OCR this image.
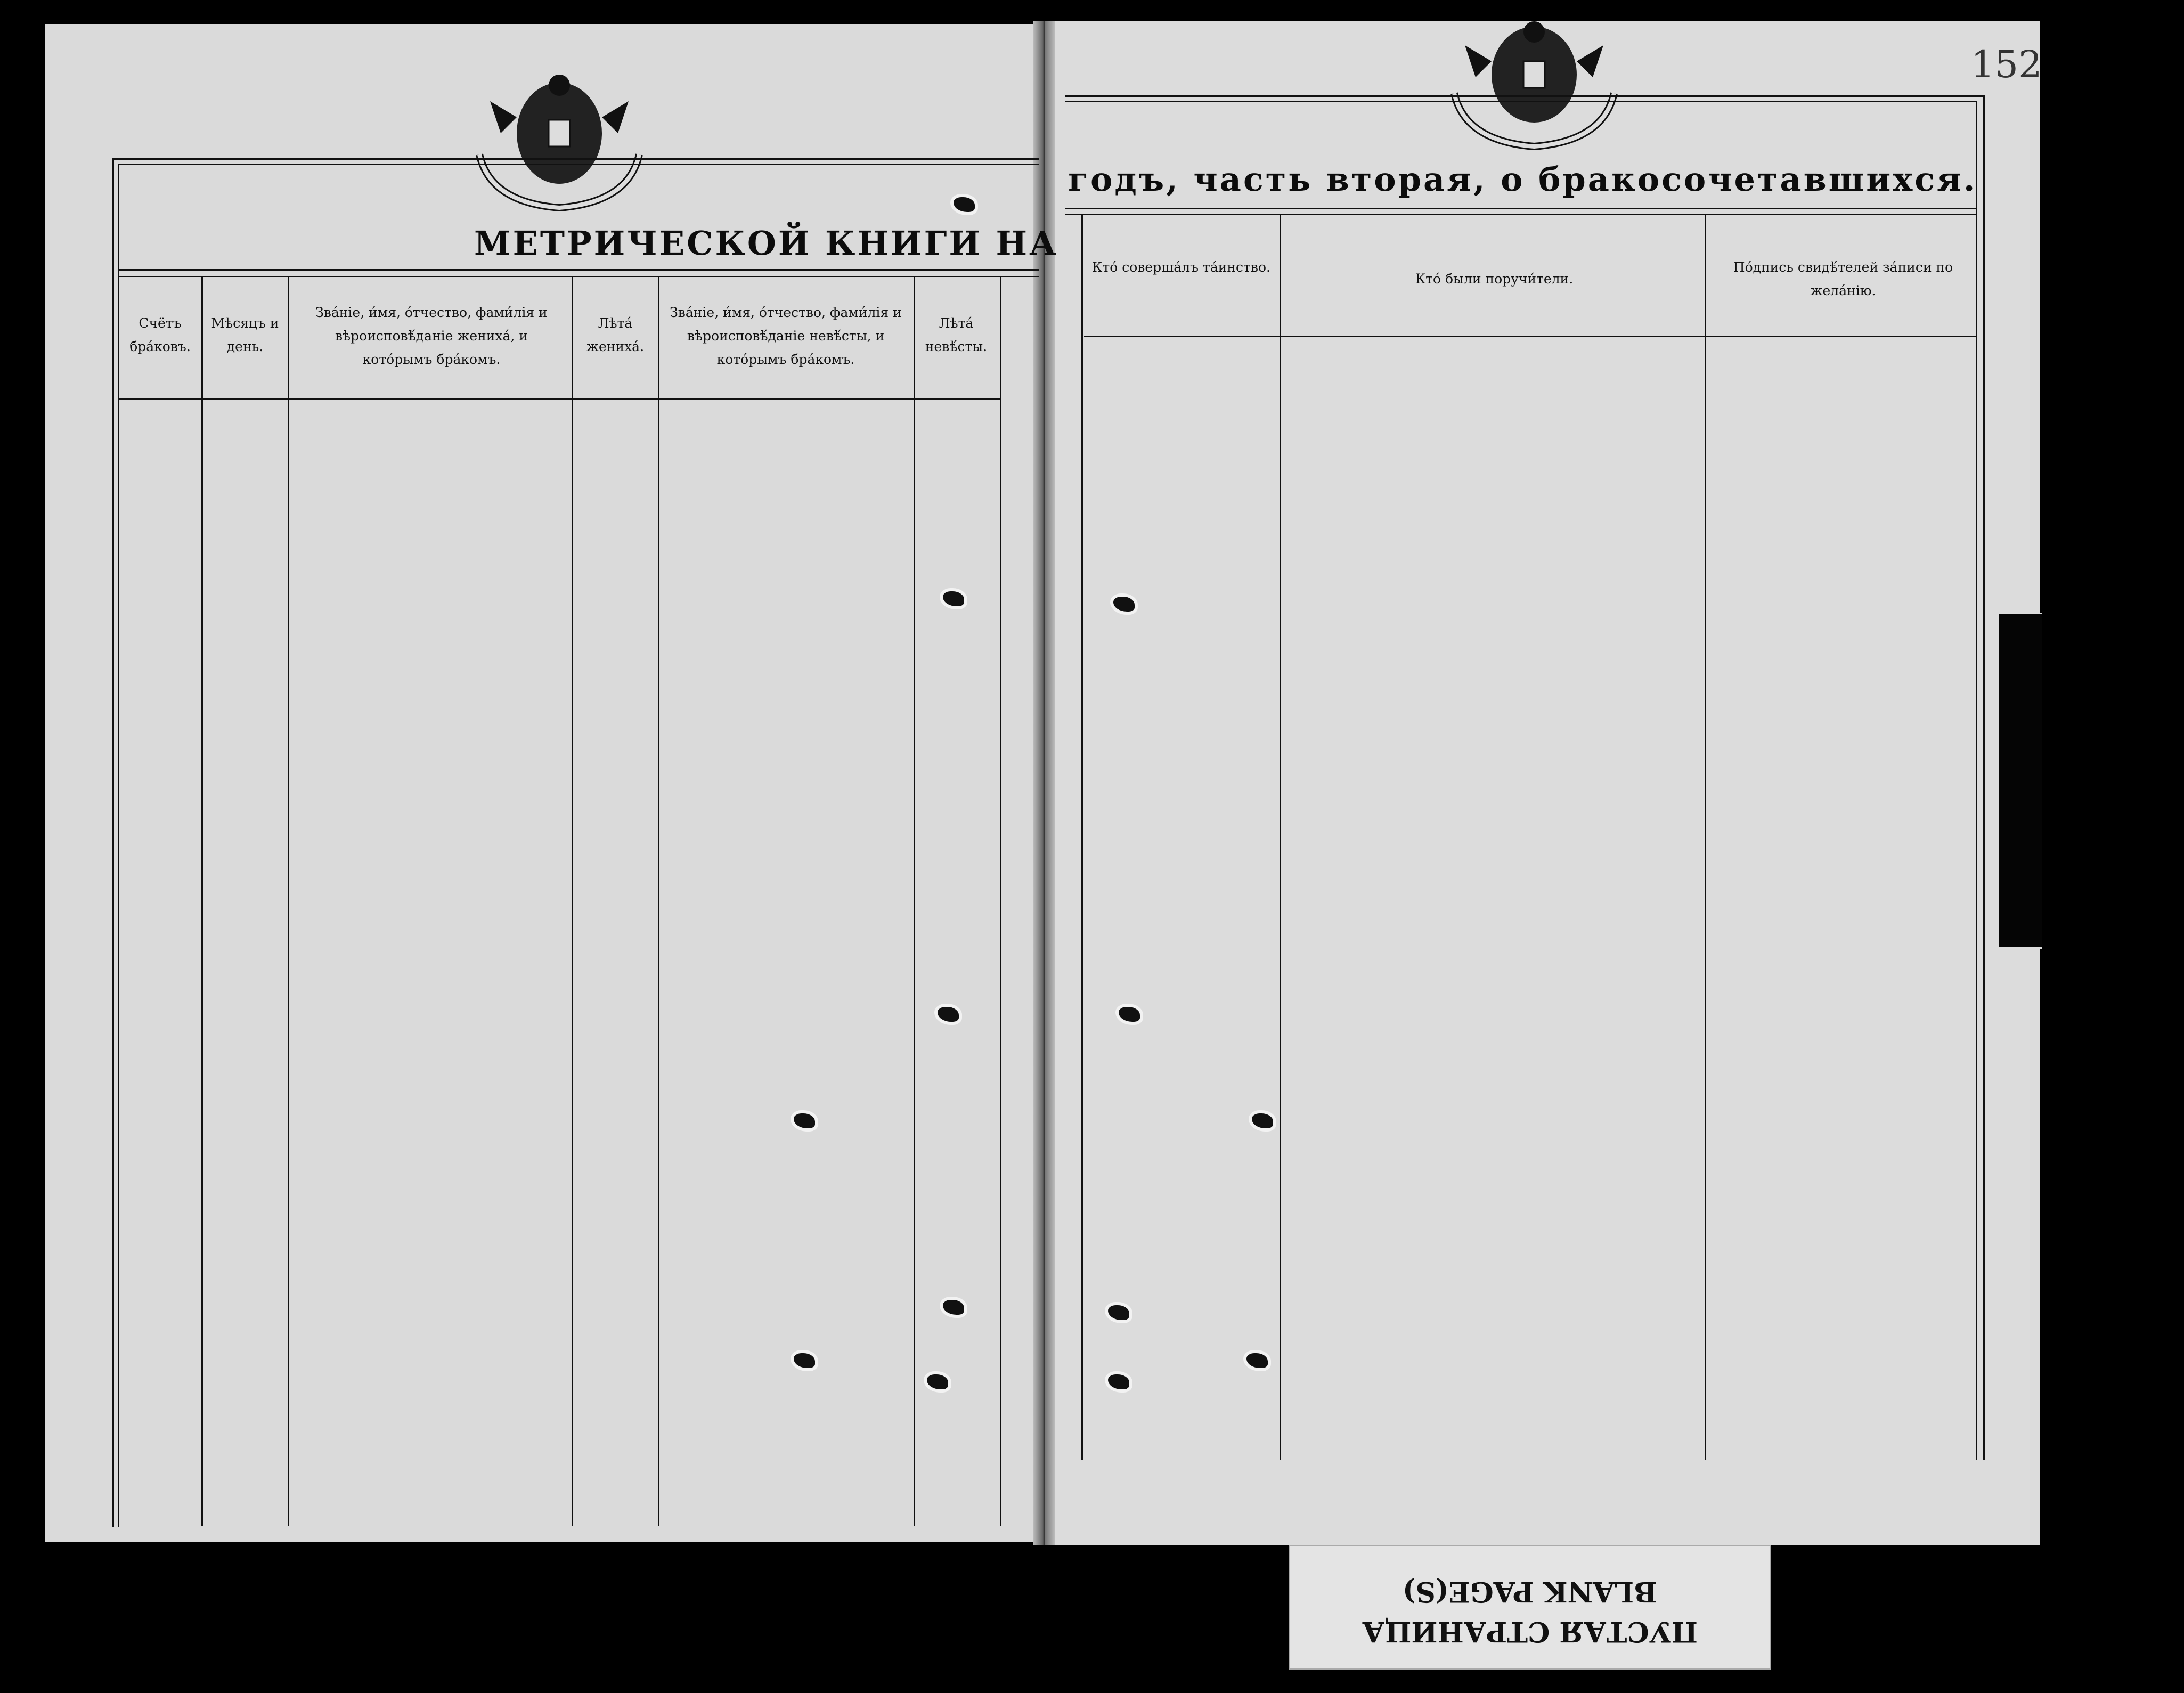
МЕТРИЧЕСКОЙ КНИГИ НА
Счётъ бра́ковъ.
Мѣсяцъ и день.
Зва́ніе, и́мя, о́тчество, фами́лія и вѣроисповѣ́даніе жениха́, и кото́рымъ бра́комъ.
Лѣта́ жениха́.
Зва́ніе, и́мя, о́тчество, фами́лія и вѣроисповѣ́даніе невѣ́сты, и кото́рымъ бра́комъ.
Лѣта́ невѣ́сты.
годъ, часть вторая, о бракосочетавшихся.
Кто́ соверша́лъ та́инство.
Кто́ были поручи́тели.
По́дпись свидѣ́телей за́писи по жела́нію.
152
ПУСТАЯ СТРАНИЦА
BLANK PAGE(S)
